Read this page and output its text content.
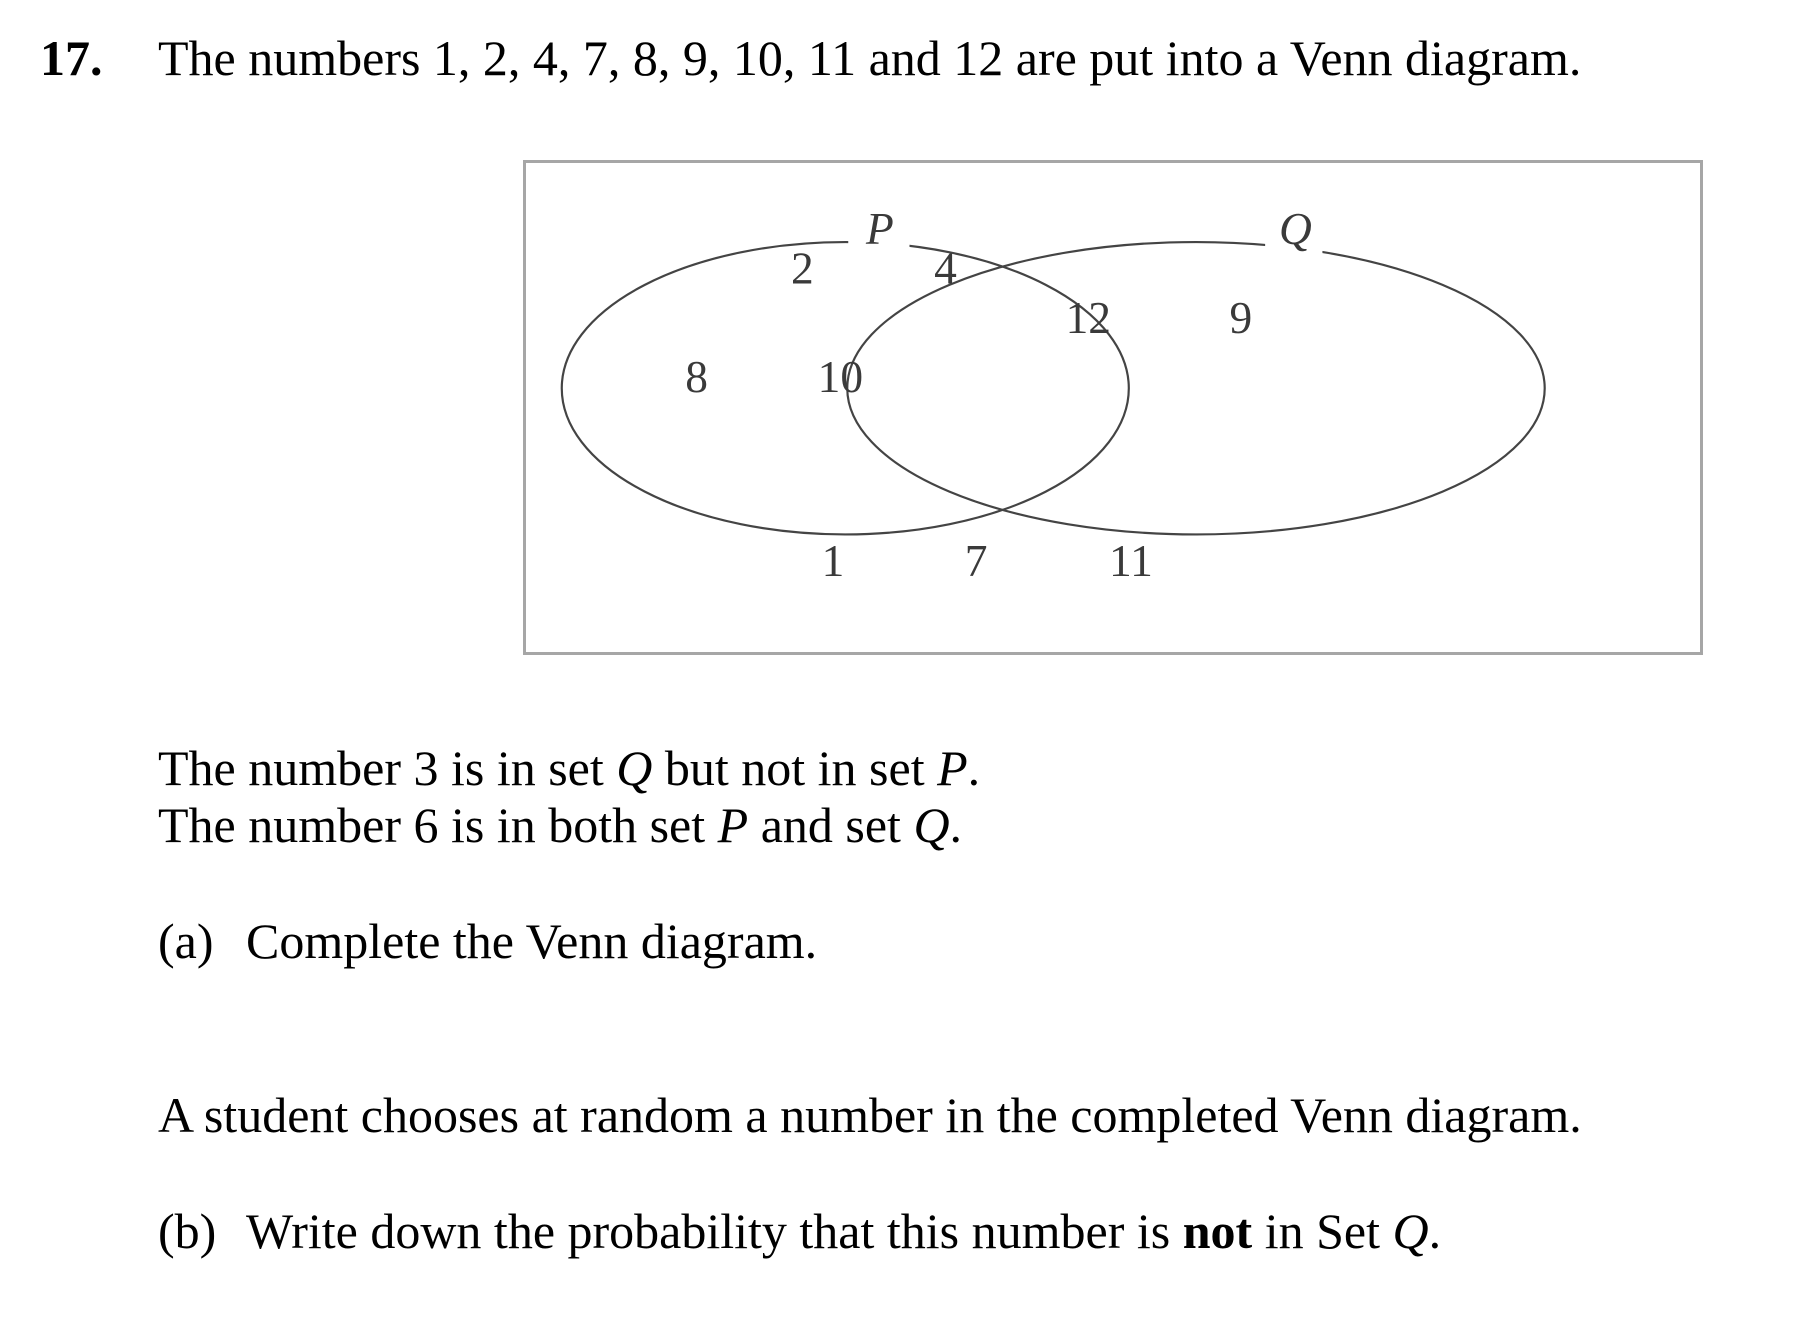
17. The numbers 1, 2, 4, 7, 8, 9, 10, 11 and 12 are put into a Venn diagram.
P	Q
2	4
8 10
12	9
1	7	11
The number 3 is in set Q but not in set P.
The number 6 is in both set P and set Q.
(a) Complete the Venn diagram.
A student chooses at random a number in the completed Venn diagram.
(b) Write down the probability that this number is not in Set Q.
